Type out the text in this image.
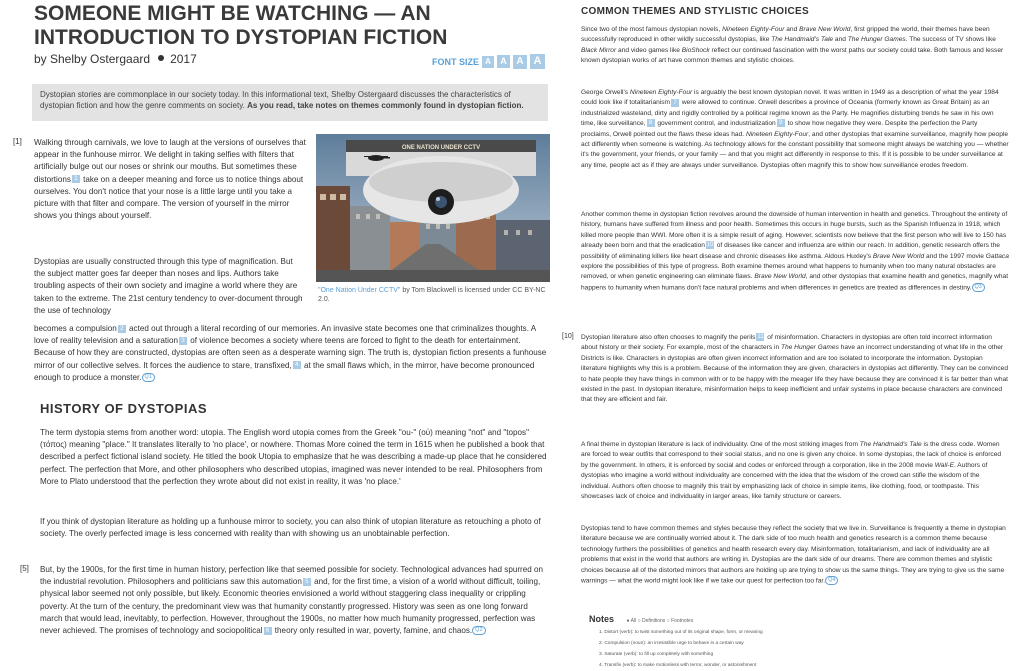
SOMEONE MIGHT BE WATCHING — AN INTRODUCTION TO DYSTOPIAN FICTION
by Shelby Ostergaard 2017	FONT SIZE A	A A A
Dystopian stories are commonplace in our society today. In this informational text, Shelby Ostergaard discusses the characteristics of dystopian fiction and how the genre comments on society. As you read, take notes on themes commonly found in dystopian fiction.
[1] Walking through carnivals, we love to laugh at the versions of ourselves that appear in the funhouse mirror. We delight in taking selfies with filters that artificially bulge out our noses or shrink our mouths. But sometimes these distortions 1 take on a deeper meaning and force us to notice things about ourselves. You don't notice that your nose is a little large until you take a picture with that filter and compare. The version of yourself in the mirror shows you things about yourself.

ONE NATION UNDER CCTV
"One Nation Under CCTV" by Tom Blackwell is licensed under CC BY-NC 2.0.

Dystopias are usually constructed through this type of magnification. But the subject matter goes far deeper than noses and lips. Authors take troubling aspects of their own society and imagine a world where they are taken to the extreme. The 21st century tendency to over-document through the use of technology

becomes a compulsion 2 acted out through a literal recording of our memories. An invasive state becomes one that criminalizes thoughts. A love of reality television and a saturation 3 of violence becomes a society where teens are forced to fight to the death for entertainment. Because of how they are constructed, dystopias are often seen as a desperate warning sign. The truth is, dystopian fiction presents a funhouse mirror of our collective selves. It forces the audience to stare, transfixed, 4 at the small flaws which, in the mirror, have become pronounced enough to produce a monster. Q1

HISTORY OF DYSTOPIAS

The term dystopia stems from another word: utopia. The English word utopia comes from the Greek "ou-" (οὐ) meaning "not" and "topos" (τόπος) meaning "place." It translates literally to 'no place', or nowhere. Thomas More coined the term in 1615 when he published a book that described a perfect fictional island society. He titled the book Utopia to emphasize that he was describing a made-up place that he considered perfect. The perfection that More, and other philosophers who described utopias, imagined was never intended to be real. Philosophers from More to Plato understood that the perfection they wrote about did not exist in reality, it was 'no place.'

If you think of dystopian literature as holding up a funhouse mirror to society, you can also think of utopian literature as retouching a photo of society. The overly perfected image is less concerned with reality than with showing us an unobtainable perfection.

[5] But, by the 1900s, for the first time in human history, perfection like that seemed possible for society. Technological advances had spurred on the industrial revolution. Philosophers and politicians saw this automation 5 and, for the first time, a vision of a world without difficult, toiling, physical labor seemed not only possible, but likely. Economic theories envisioned a world without staggering class inequality or crippling poverty. At the turn of the century, the predominant view was that humanity constantly progressed. History was seen as one long forward march that would lead, inevitably, to perfection. However, throughout the 1900s, no matter how much humanity progressed, perfection was never achieved. The promises of technology and sociopolitical 6 theory only resulted in war, poverty, famine, and chaos. Q2

COMMON THEMES AND STYLISTIC CHOICES

Since two of the most famous dystopian novels, Nineteen Eighty-Four and Brave New World, first gripped the world, their themes have been successfully reproduced in other wildly successful dystopias, like The Handmaid's Tale and The Hunger Games. The success of TV shows like Black Mirror and video games like BioShock reflect our continued fascination with the worst paths our society could take. Both famous and lesser known dystopian works of art have common themes and stylistic choices.

George Orwell's Nineteen Eighty-Four is arguably the best known dystopian novel. It was written in 1949 as a description of what the year 1984 could look like if totalitarianism 7 were allowed to continue. Orwell describes a province of Oceania (formerly known as Great Britain) as an industrialized wasteland, dirty and rigidly controlled by a political regime known as the Party. He magnifies disturbing trends he saw in his own time, like surveillance, 8 government control, and industrialization 9 to show how negative they were. Despite the perfection the Party proclaims, Orwell pointed out the flaws these ideas had. Nineteen Eighty-Four, and other dystopias that examine surveillance, magnify how people act differently when someone is watching. As technology allows for the constant possibility that someone might always be watching you — whether it's the government, your friends, or your family — and that you might act differently in response to this. If it is possible to be under surveillance at any time, people act as if they are always under surveillance. Dystopias often magnify this to show how surveillance erodes freedom.

Another common theme in dystopian fiction revolves around the downside of human intervention in health and genetics. Throughout the entirety of history, humans have suffered from illness and poor health. Sometimes this occurs in huge bursts, such as the Spanish Influenza in 1918, which killed more people than WWI. More often it is a simple result of aging. However, scientists now believe that the first person who will live to 150 has already been born and that the eradication 10 of diseases like cancer and influenza are within our reach. In addition, genetic research offers the possibility of eliminating killers like heart disease and chronic diseases like asthma. Aldous Huxley's Brave New World and the 1997 movie Gattaca explore the possibilities of this type of progress. Both examine themes around what happens to humanity when too many natural obstacles are removed, or when genetic engineering can eliminate flaws. Brave New World, and other dystopias that examine health and genetics, magnify what happens to humanity when humans don't face natural problems and when differences in genetics are treated as differences in destiny. Q3

[10] Dystopian literature also often chooses to magnify the perils 11 of misinformation. Characters in dystopias are often told incorrect information about history or their society. For example, most of the characters in The Hunger Games have an incorrect understanding of what life in the other Districts is like. Characters in dystopias are often given incorrect information and are too isolated to incorporate the information. Dystopian literature highlights why this is a problem. Because of the information they are given, characters in dystopias act differently. They can be convinced to hate people they have things in common with or to be happy with the meager life they have because they are convinced it is far better than what existed in the past. In dystopian literature, misinformation helps to keep inefficient and unfair systems in place because characters are convinced that they are efficient and fair.

A final theme in dystopian literature is lack of individuality. One of the most striking images from The Handmaid's Tale is the dress code. Women are forced to wear outfits that correspond to their social status, and no one is given any choice. In some dystopias, the lack of choice is enforced by the government. In others, it is enforced by social and codes or enforced through a corporation, like in the 2008 movie Wall-E. Authors of dystopias who imagine a world without individuality are concerned with the idea that the wisdom of the crowd can stifle the wisdom of the individual. Authors often choose to magnify this trait by emphasizing lack of choice in simple items, like clothing, food, or toothpaste. This showcases lack of choice and individuality in larger areas, like family structure or careers.

Dystopias tend to have common themes and styles because they reflect the society that we live in. Surveillance is frequently a theme in dystopian literature because we are continually worried about it. The dark side of too much health and genetics research is a common theme because technology furthers the possibilities of genetics and health research every day. Misinformation, totalitarianism, and lack of individuality are all problems that exist in the world that authors are writing in. Dystopias are the dark side of our dreams. There are common themes and stylistic choices because all of the distorted mirrors that authors are holding up are trying to show us the same things. They are trying to give us the same warnings — what the world might look like if we take our quest for perfection too far. Q4

Notes ● All ○ Definitions ○ Footnotes
1. Distort (verb): to twist something out of its original shape, form, or meaning
2. Compulsion (noun): an irresistible urge to behave in a certain way
3. Saturate (verb): to fill up completely with something
4. Transfix (verb): to make motionless with terror, wonder, or astonishment
